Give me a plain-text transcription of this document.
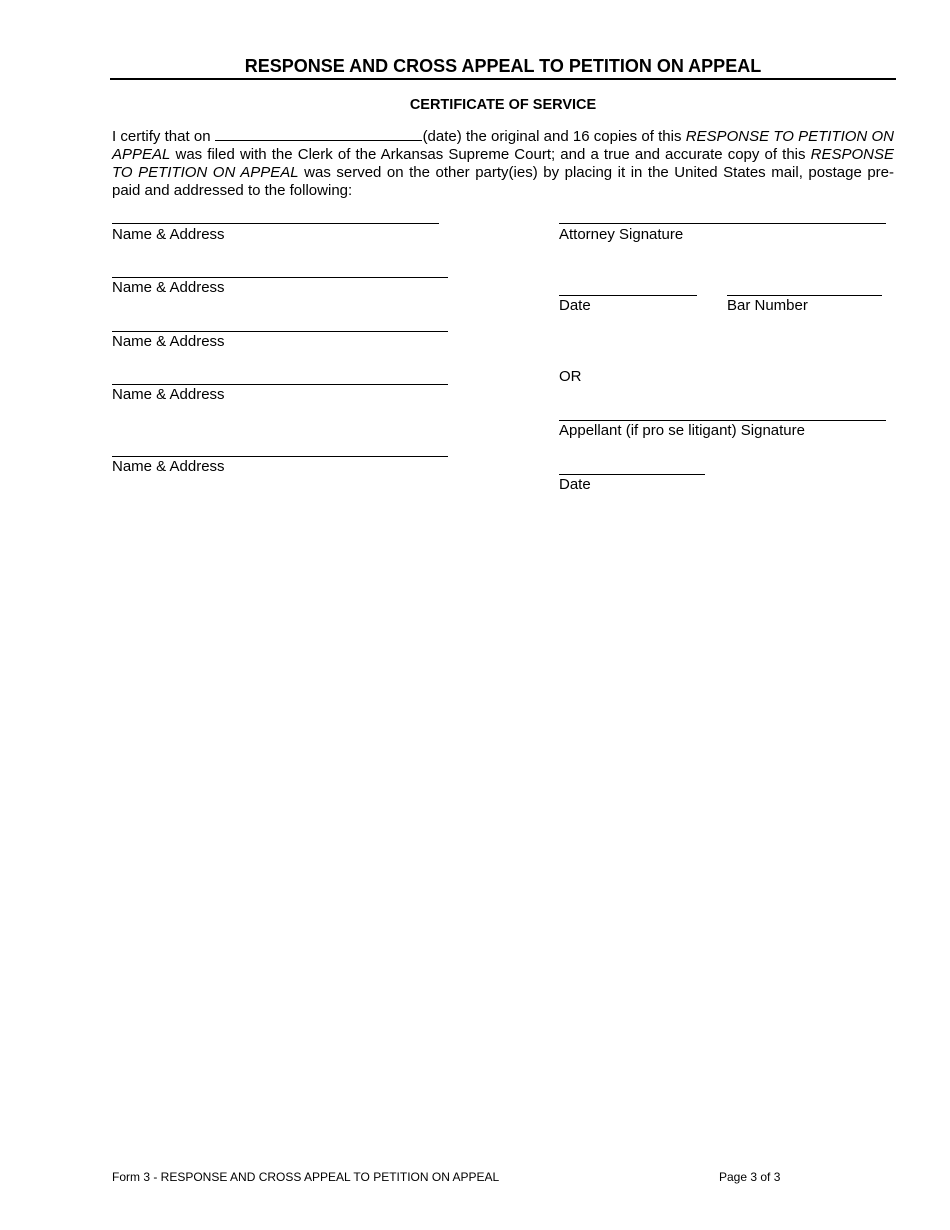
RESPONSE AND CROSS APPEAL TO PETITION ON APPEAL
CERTIFICATE OF SERVICE
I certify that on	(date) the original and 16 copies of this RESPONSE TO PETITION ON APPEAL was filed with the Clerk of the Arkansas Supreme Court; and a true and accurate copy of this RESPONSE TO PETITION ON APPEAL was served on the other party(ies) by placing it in the United States mail, postage pre-paid and addressed to the following:
Name & Address
Name & Address
Name & Address
Name & Address
Name & Address
Attorney Signature
Date	Bar Number
OR
Appellant (if pro se litigant) Signature
Date
Form 3 - RESPONSE AND CROSS APPEAL TO PETITION ON APPEAL	Page 3 of 3
